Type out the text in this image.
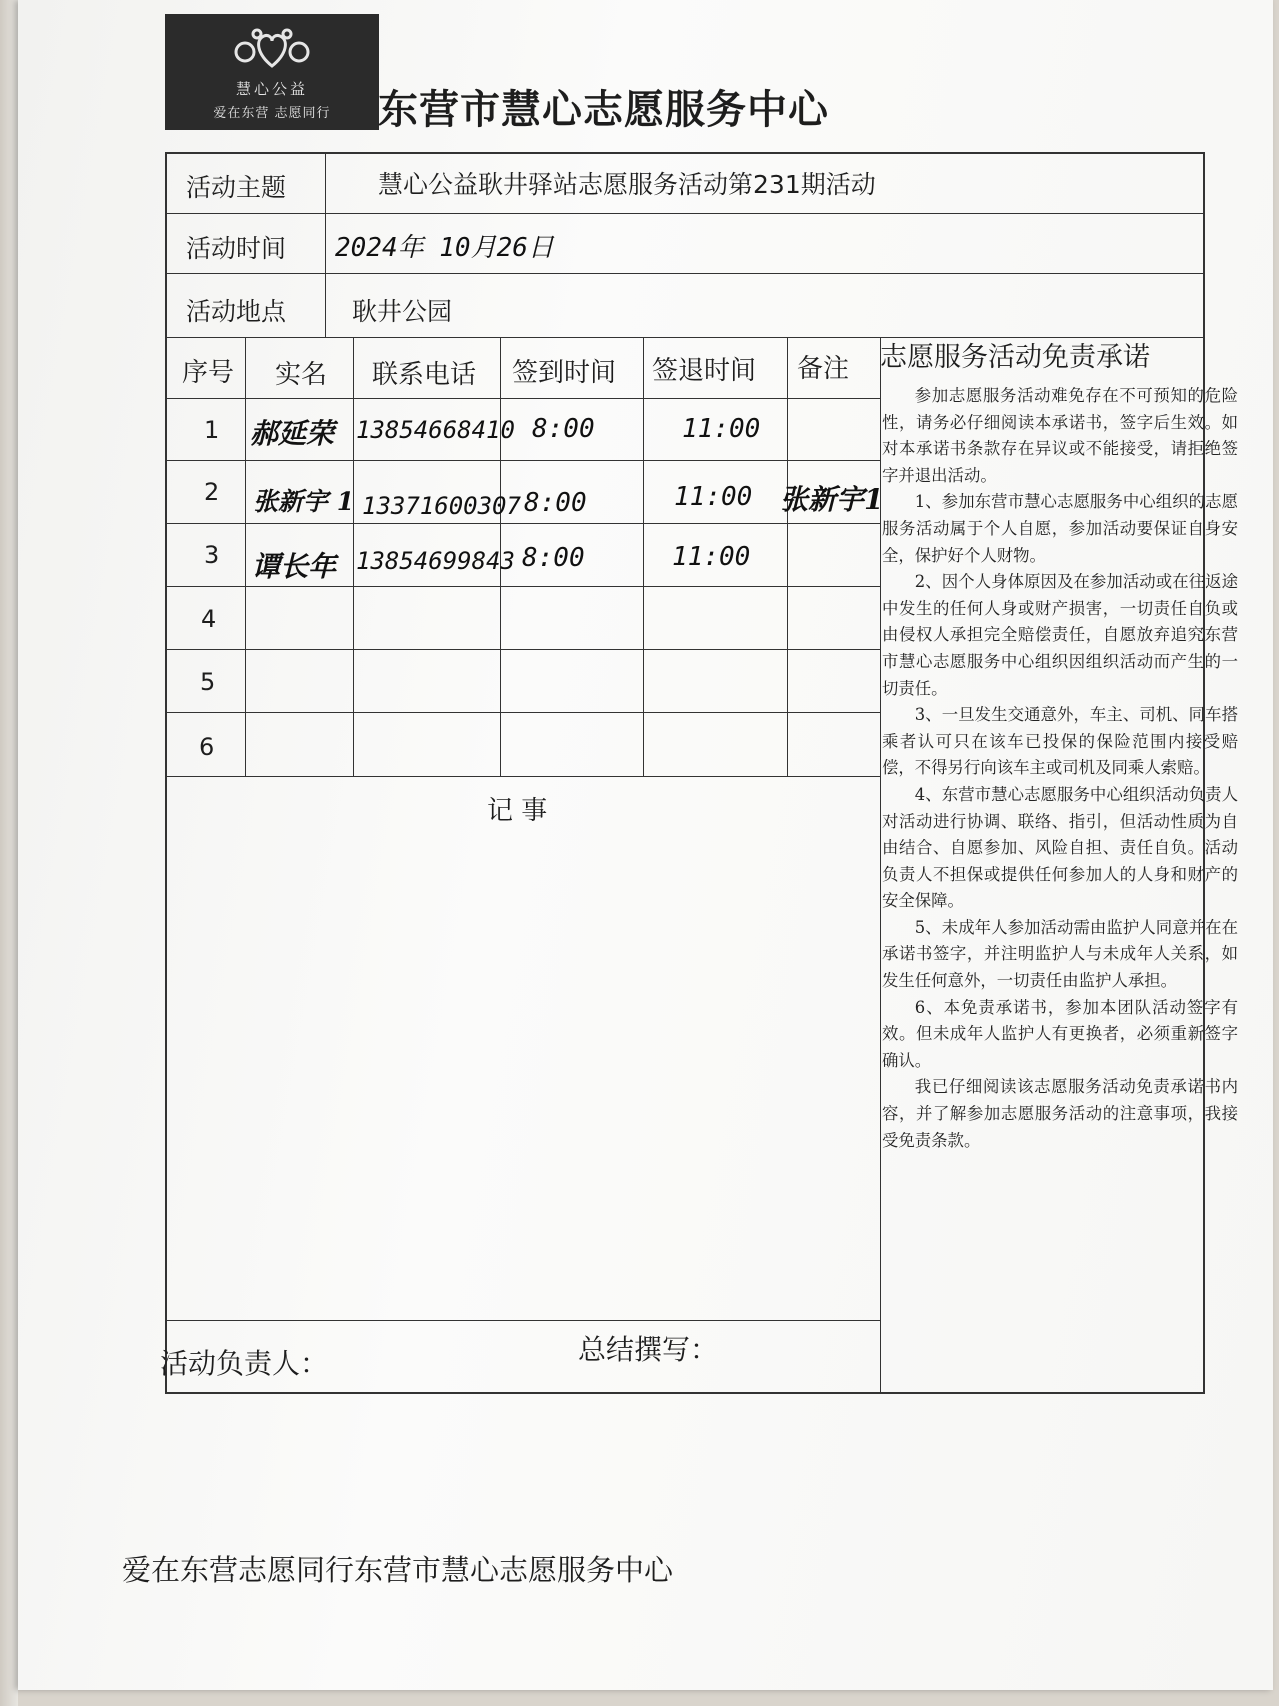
慧心公益
爱在东营 志愿同行	东营市慧心志愿服务中心
活动主题	慧心公益耿井驿站志愿服务活动第231期活动
活动时间 2024年 10月26日
活动地点	耿井公园
序号 实名 联系电话 签到时间 签退时间 备注 志愿服务活动免责承诺
1 郝延荣 13854668410 8:00	11:00
2 张新宇 1 13371600307 8:00	11:00 张新宇1
3 谭长年 13854699843 8:00	11:00
4
5
6
记 事

参加志愿服务活动难免存在不可预知的危险性，请务必仔细阅读本承诺书，签字后生效。如对本承诺书条款存在异议或不能接受，请拒绝签字并退出活动。

1、参加东营市慧心志愿服务中心组织的志愿服务活动属于个人自愿，参加活动要保证自身安全，保护好个人财物。

2、因个人身体原因及在参加活动或在往返途中发生的任何人身或财产损害，一切责任自负或由侵权人承担完全赔偿责任，自愿放弃追究东营市慧心志愿服务中心组织因组织活动而产生的一切责任。

3、一旦发生交通意外，车主、司机、同车搭乘者认可只在该车已投保的保险范围内接受赔偿，不得另行向该车主或司机及同乘人索赔。

4、东营市慧心志愿服务中心组织活动负责人对活动进行协调、联络、指引，但活动性质为自由结合、自愿参加、风险自担、责任自负。活动负责人不担保或提供任何参加人的人身和财产的安全保障。

5、未成年人参加活动需由监护人同意并在在承诺书签字，并注明监护人与未成年人关系，如发生任何意外，一切责任由监护人承担。

6、本免责承诺书，参加本团队活动签字有效。但未成年人监护人有更换者，必须重新签字确认。

我已仔细阅读该志愿服务活动免责承诺书内容，并了解参加志愿服务活动的注意事项，我接受免责条款。

活动负责人：	总结撰写：
爱在东营志愿同行东营市慧心志愿服务中心
